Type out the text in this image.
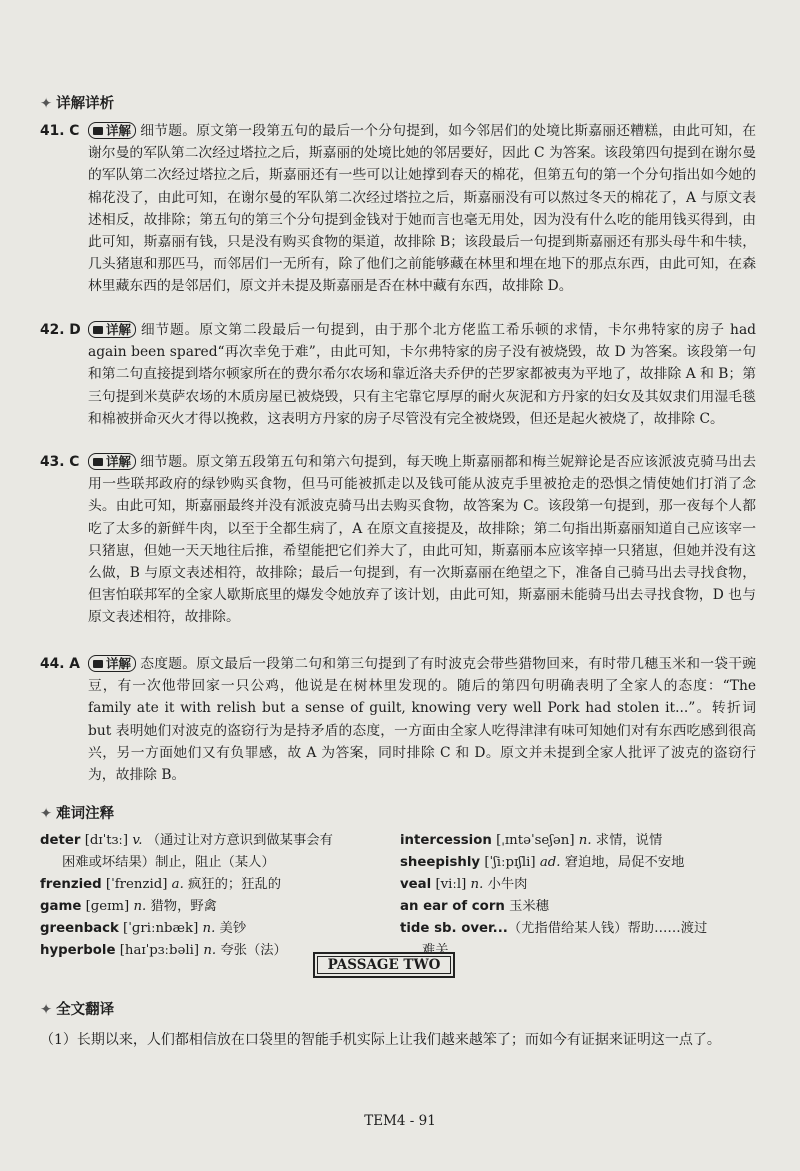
✦ 详解详析
41. C	详解 细节题。原文第一段第五句的最后一个分句提到，如今邻居们的处境比斯嘉丽还糟糕，由此可知，在谢尔曼的军队第二次经过塔拉之后，斯嘉丽的处境比她的邻居要好，因此 C 为答案。该段第四句提到在谢尔曼的军队第二次经过塔拉之后，斯嘉丽还有一些可以让她撑到春天的棉花，但第五句的第一个分句指出如今她的棉花没了，由此可知，在谢尔曼的军队第二次经过塔拉之后，斯嘉丽没有可以熬过冬天的棉花了，A 与原文表述相反，故排除；第五句的第三个分句提到金钱对于她而言也毫无用处，因为没有什么吃的能用钱买得到，由此可知，斯嘉丽有钱，只是没有购买食物的渠道，故排除 B；该段最后一句提到斯嘉丽还有那头母牛和牛犊，几头猪崽和那匹马，而邻居们一无所有，除了他们之前能够藏在林里和埋在地下的那点东西，由此可知，在森林里藏东西的是邻居们，原文并未提及斯嘉丽是否在林中藏有东西，故排除 D。
42. D	详解 细节题。原文第二段最后一句提到，由于那个北方佬监工希乐顿的求情，卡尔弗特家的房子 had again been spared“再次幸免于难”，由此可知，卡尔弗特家的房子没有被烧毁，故 D 为答案。该段第一句和第二句直接提到塔尔顿家所在的费尔希尔农场和靠近洛夫乔伊的芒罗家都被夷为平地了，故排除 A 和 B；第三句提到米莫萨农场的木质房屋已被烧毁，只有主宅靠它厚厚的耐火灰泥和方丹家的妇女及其奴隶们用湿毛毯和棉被拼命灭火才得以挽救，这表明方丹家的房子尽管没有完全被烧毁，但还是起火被烧了，故排除 C。
43. C	详解 细节题。原文第五段第五句和第六句提到，每天晚上斯嘉丽都和梅兰妮辩论是否应该派波克骑马出去用一些联邦政府的绿钞购买食物，但马可能被抓走以及钱可能从波克手里被抢走的恐惧之情使她们打消了念头。由此可知，斯嘉丽最终并没有派波克骑马出去购买食物，故答案为 C。该段第一句提到，那一夜每个人都吃了太多的新鲜牛肉，以至于全都生病了，A 在原文直接提及，故排除；第二句指出斯嘉丽知道自己应该宰一只猪崽，但她一天天地往后推，希望能把它们养大了，由此可知，斯嘉丽本应该宰掉一只猪崽，但她并没有这么做，B 与原文表述相符，故排除；最后一句提到，有一次斯嘉丽在绝望之下，准备自己骑马出去寻找食物，但害怕联邦军的全家人歇斯底里的爆发令她放弃了该计划，由此可知，斯嘉丽未能骑马出去寻找食物，D 也与原文表述相符，故排除。
44. A	详解 态度题。原文最后一段第二句和第三句提到了有时波克会带些猎物回来，有时带几穗玉米和一袋干豌豆，有一次他带回家一只公鸡，他说是在树林里发现的。随后的第四句明确表明了全家人的态度：“The family ate it with relish but a sense of guilt, knowing very well Pork had stolen it...”。转折词 but 表明她们对波克的盗窃行为是持矛盾的态度，一方面由全家人吃得津津有味可知她们对有东西吃感到很高兴，另一方面她们又有负罪感，故 A 为答案，同时排除 C 和 D。原文并未提到全家人批评了波克的盗窃行为，故排除 B。
✦ 难词注释
deter [dɪˈtɜː] v. （通过让对方意识到做某事会有
困难或坏结果）制止，阻止（某人）
frenzied [ˈfrenzid] a. 疯狂的；狂乱的
game [ɡeɪm] n. 猎物，野禽
greenback [ˈɡriːnbæk] n. 美钞
hyperbole [haɪˈpɜːbəli] n. 夸张（法）
intercession [ˌɪntəˈseʃən] n. 求情，说情
sheepishly [ˈʃiːpɪʃli] ad. 窘迫地，局促不安地
veal [viːl] n. 小牛肉
an ear of corn 玉米穗
tide sb. over...（尤指借给某人钱）帮助……渡过
难关
PASSAGE TWO
✦ 全文翻译
（1）长期以来，人们都相信放在口袋里的智能手机实际上让我们越来越笨了；而如今有证据来证明这一点了。
TEM4 - 91
